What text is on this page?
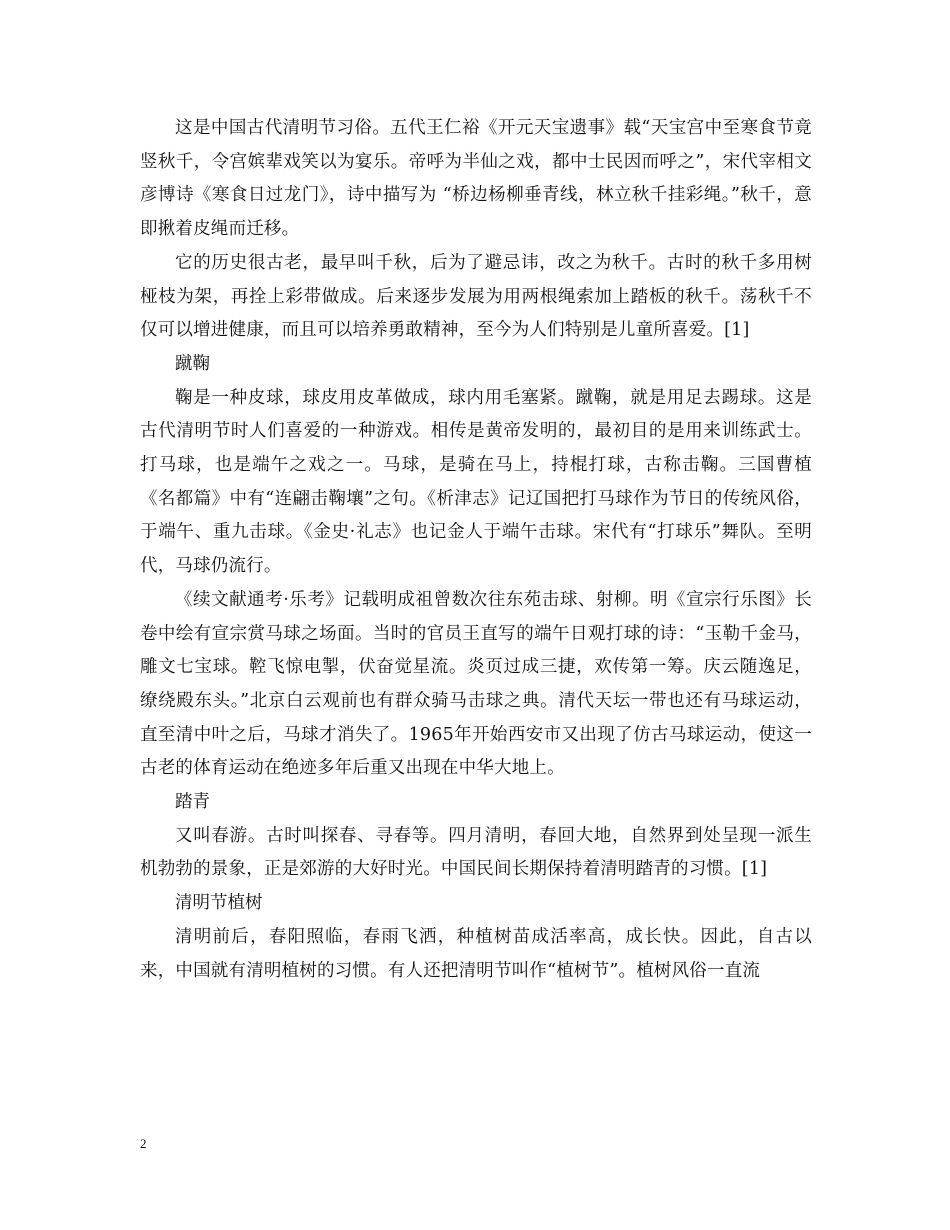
这是中国古代清明节习俗。五代王仁裕《开元天宝遗事》载“天宝宫中至寒食节竟竖秋千，令宫嫔辈戏笑以为宴乐。帝呼为半仙之戏，都中士民因而呼之”，宋代宰相文彦博诗《寒食日过龙门》，诗中描写为 “桥边杨柳垂青线，林立秋千挂彩绳。”秋千，意即揪着皮绳而迁移。

它的历史很古老，最早叫千秋，后为了避忌讳，改之为秋千。古时的秋千多用树桠枝为架，再拴上彩带做成。后来逐步发展为用两根绳索加上踏板的秋千。荡秋千不仅可以增进健康，而且可以培养勇敢精神，至今为人们特别是儿童所喜爱。[1]

蹴鞠

鞠是一种皮球，球皮用皮革做成，球内用毛塞紧。蹴鞠，就是用足去踢球。这是古代清明节时人们喜爱的一种游戏。相传是黄帝发明的，最初目的是用来训练武士。打马球，也是端午之戏之一。马球，是骑在马上，持棍打球，古称击鞠。三国曹植《名都篇》中有“连翩击鞠壤”之句。《析津志》记辽国把打马球作为节日的传统风俗，于端午、重九击球。《金史·礼志》也记金人于端午击球。宋代有“打球乐”舞队。至明代，马球仍流行。

《续文献通考·乐考》记载明成祖曾数次往东苑击球、射柳。明《宣宗行乐图》长卷中绘有宣宗赏马球之场面。当时的官员王直写的端午日观打球的诗：“玉勒千金马，雕文七宝球。鞚飞惊电掣，伏奋觉星流。炎页过成三捷，欢传第一筹。庆云随逸足，缭绕殿东头。”北京白云观前也有群众骑马击球之典。清代天坛一带也还有马球运动，直至清中叶之后，马球才消失了。1965年开始西安市又出现了仿古马球运动，使这一古老的体育运动在绝迹多年后重又出现在中华大地上。

踏青

又叫春游。古时叫探春、寻春等。四月清明，春回大地，自然界到处呈现一派生机勃勃的景象，正是郊游的大好时光。中国民间长期保持着清明踏青的习惯。[1]

清明节植树

清明前后，春阳照临，春雨飞洒，种植树苗成活率高，成长快。因此，自古以来，中国就有清明植树的习惯。有人还把清明节叫作“植树节”。植树风俗一直流

2
